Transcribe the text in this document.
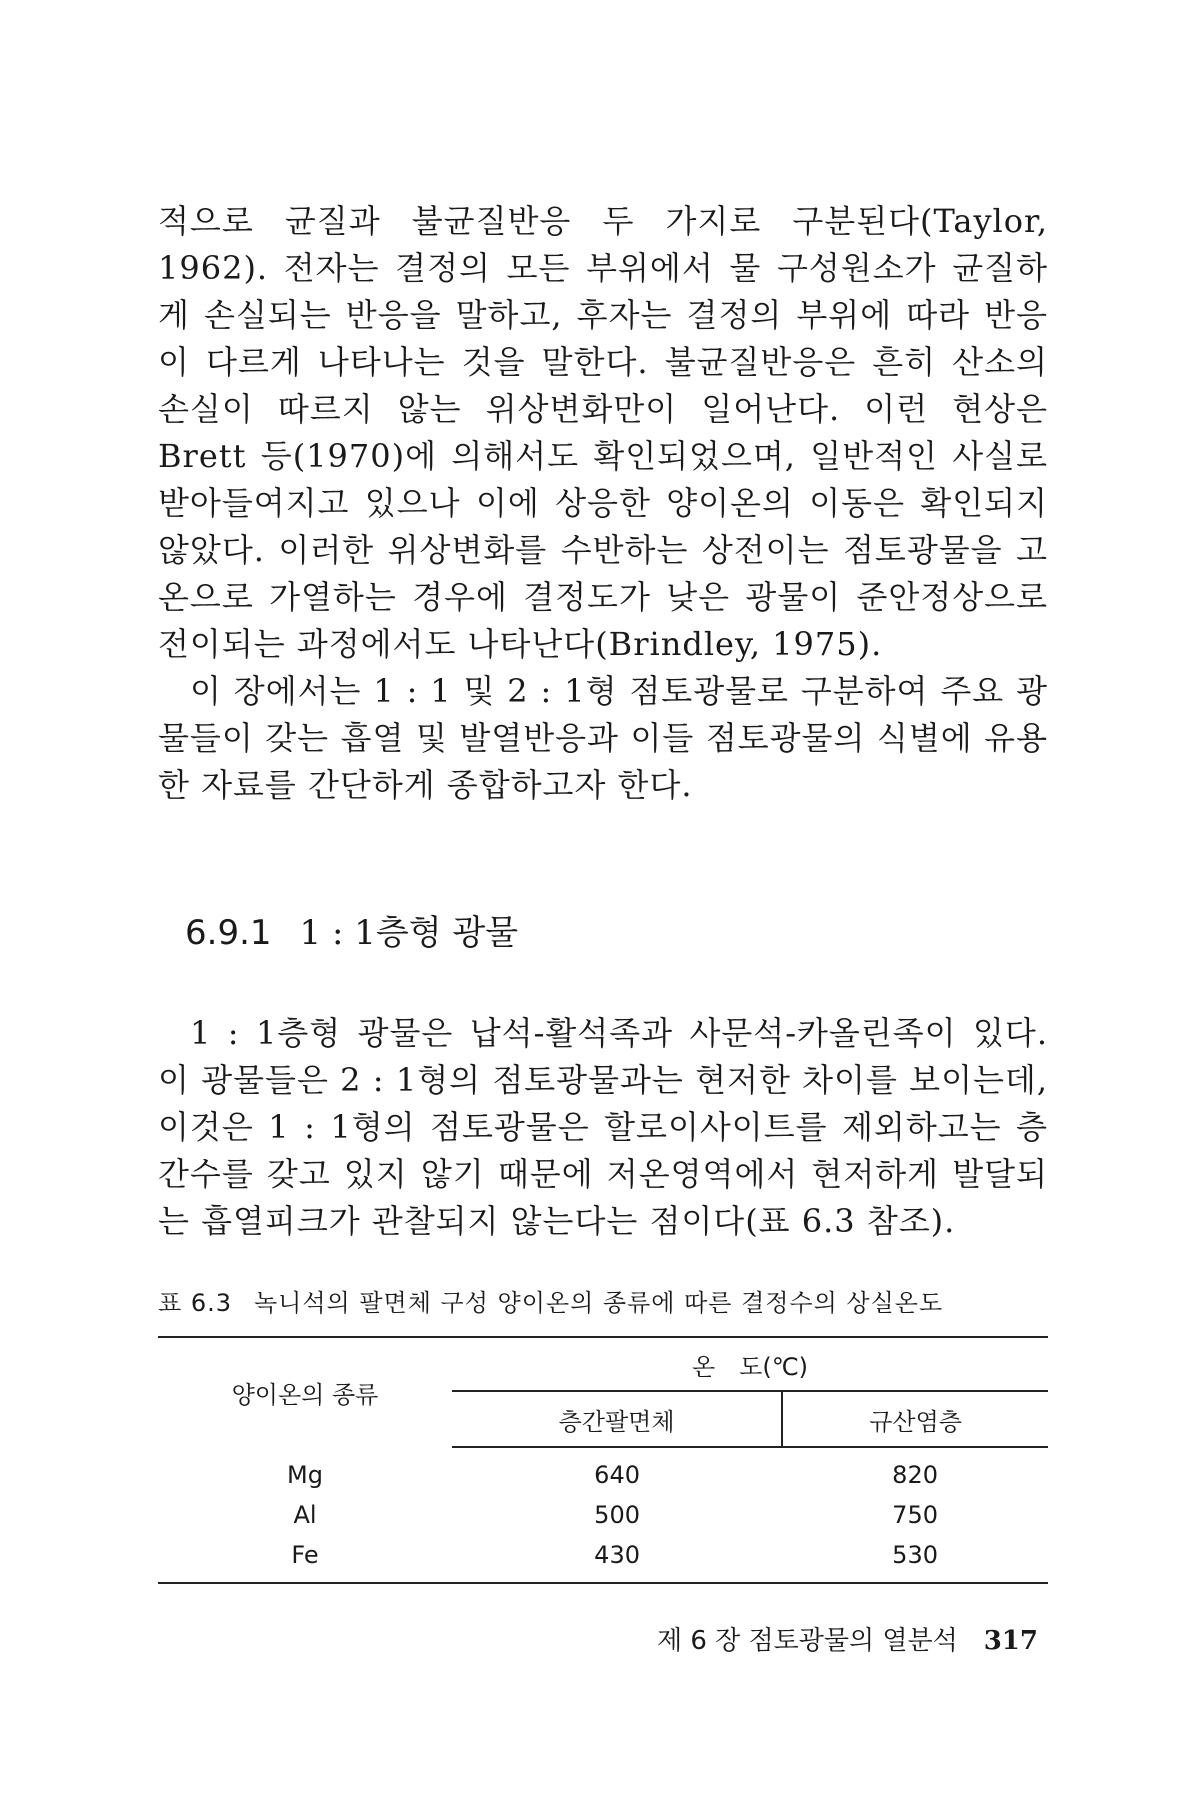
적으로 균질과 불균질반응 두 가지로 구분된다(Taylor, 1962). 전자는 결정의 모든 부위에서 물 구성원소가 균질하게 손실되는 반응을 말하고, 후자는 결정의 부위에 따라 반응이 다르게 나타나는 것을 말한다. 불균질반응은 흔히 산소의 손실이 따르지 않는 위상변화만이 일어난다. 이런 현상은 Brett 등(1970)에 의해서도 확인되었으며, 일반적인 사실로 받아들여지고 있으나 이에 상응한 양이온의 이동은 확인되지 않았다. 이러한 위상변화를 수반하는 상전이는 점토광물을 고온으로 가열하는 경우에 결정도가 낮은 광물이 준안정상으로 전이되는 과정에서도 나타난다(Brindley, 1975).

이 장에서는 1 : 1 및 2 : 1형 점토광물로 구분하여 주요 광물들이 갖는 흡열 및 발열반응과 이들 점토광물의 식별에 유용한 자료를 간단하게 종합하고자 한다.

6.9.1 1 : 1층형 광물

1 : 1층형 광물은 납석-활석족과 사문석-카올린족이 있다. 이 광물들은 2 : 1형의 점토광물과는 현저한 차이를 보이는데, 이것은 1 : 1형의 점토광물은 할로이사이트를 제외하고는 층간수를 갖고 있지 않기 때문에 저온영역에서 현저하게 발달되는 흡열피크가 관찰되지 않는다는 점이다(표 6.3 참조).

표 6.3 녹니석의 팔면체 구성 양이온의 종류에 따른 결정수의 상실온도
양이온의 종류	온　도(℃)	
	층간팔면체	규산염층
Mg	640	820
Al	500	750
Fe	430	530
제 6 장 점토광물의 열분석 317
